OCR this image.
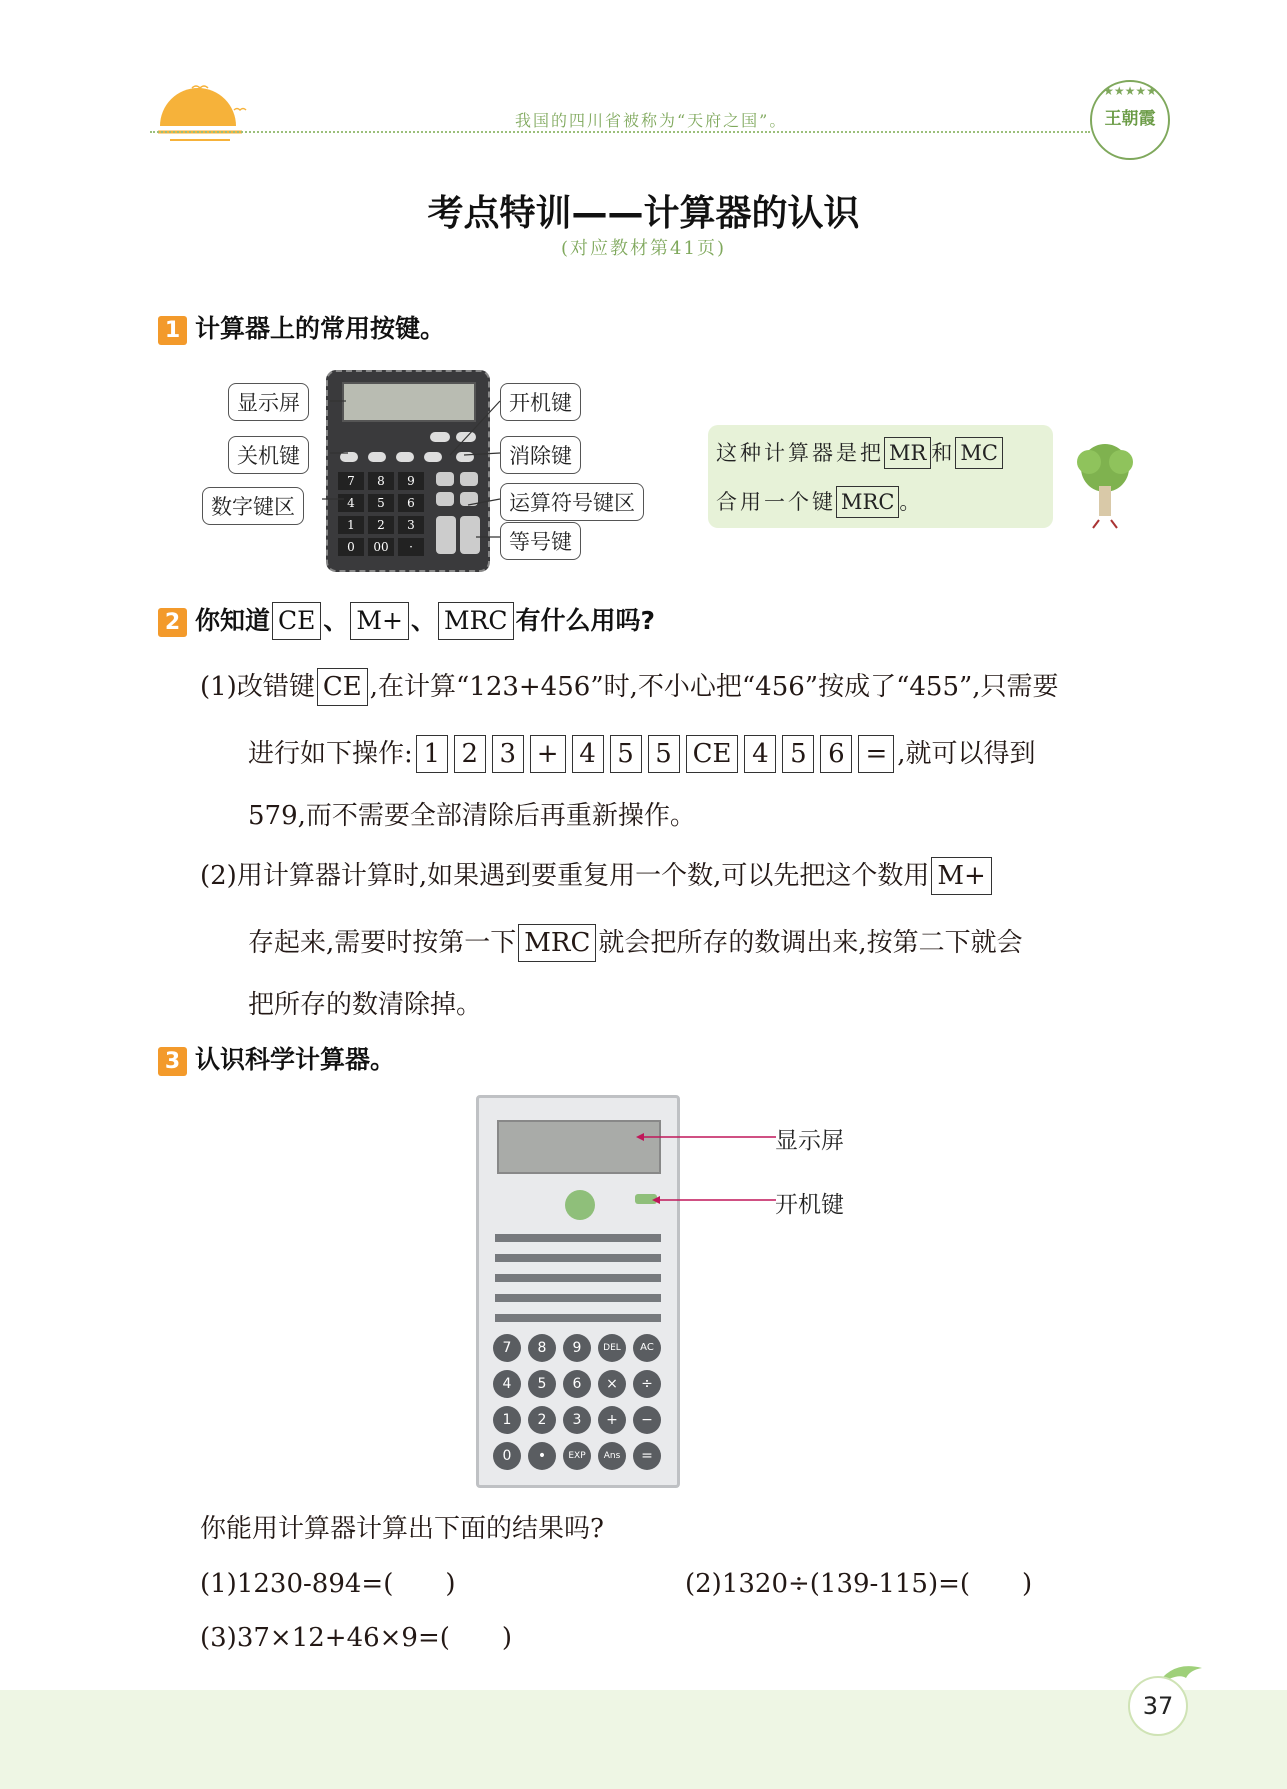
我国的四川省被称为“天府之国”。
★★★★★
王朝霞
考点特训——计算器的认识
(对应教材第41页)
1 计算器上的常用按键。
7	8	9
4	5	6
1	2	3
0	00	·
显示屏
关机键
数字键区
开机键
消除键
运算符号键区
等号键
这种计算器是把 MR 和 MC
合用一个键 MRC 。
2 你知道 CE 、 M+ 、 MRC 有什么用吗?
(1)改错键 CE ,在计算“123+456”时,不小心把“456”按成了“455”,只需要
进行如下操作: 1 2 3 + 4 5 5 CE 4 5 6 = ,就可以得到
579,而不需要全部清除后再重新操作。
(2)用计算器计算时,如果遇到要重复用一个数,可以先把这个数用 M+
存起来,需要时按第一下 MRC 就会把所存的数调出来,按第二下就会
把所存的数清除掉。
3 认识科学计算器。
7	8	9	DEL	AC
4	5	6	×	÷
1	2	3	+	−
0	•	EXP	Ans	=
显示屏
开机键
你能用计算器计算出下面的结果吗?
(1)1230-894=(　　)	(2)1320÷(139-115)=(　　)
(3)37×12+46×9=(　　)
37
